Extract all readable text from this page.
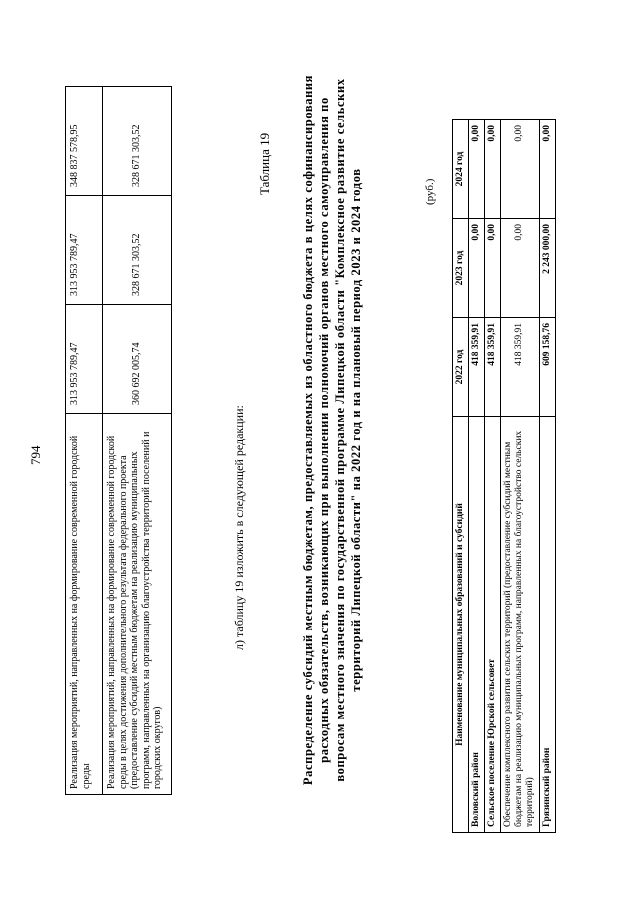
794	Реализация мероприятий, направленных на формирование современной городской среды	313 953 789,47	313 953 789,47	348 837 578,95
Реализация мероприятий, направленных на формирование современной городской среды в целях достижения дополнительного результата федерального проекта (предоставление субсидий местным бюджетам на реализацию муниципальных программ, направленных на организацию благоустройства территорий поселений и городских округов)	360 692 005,74	328 671 303,52	328 671 303,52
л) таблицу 19 изложить в следующей редакции:
Таблица 19 Распределение субсидий местным бюджетам, предоставляемых из областного бюджета в целях софинансирования расходных обязательств, возникающих при выполнении полномочий органов местного самоуправления по вопросам местного значения по государственной программе Липецкой области "Комплексное развитие сельских территорий Липецкой области" на 2022 год и на плановый период 2023 и 2024 годов	(руб.)
Наименование муниципальных образований и субсидий	2022 год	2023 год	2024 год
Воловский район	418 359,91	0,00	0,00
Сельское поселение Юрской сельсовет	418 359,91	0,00	0,00
Обеспечение комплексного развития сельских территорий (предоставление субсидий местным бюджетам на реализацию муниципальных программ, направленных на благоустройство сельских территорий)	418 359,91	0,00	0,00
Грязинский район	609 158,76	2 243 000,00	0,00
